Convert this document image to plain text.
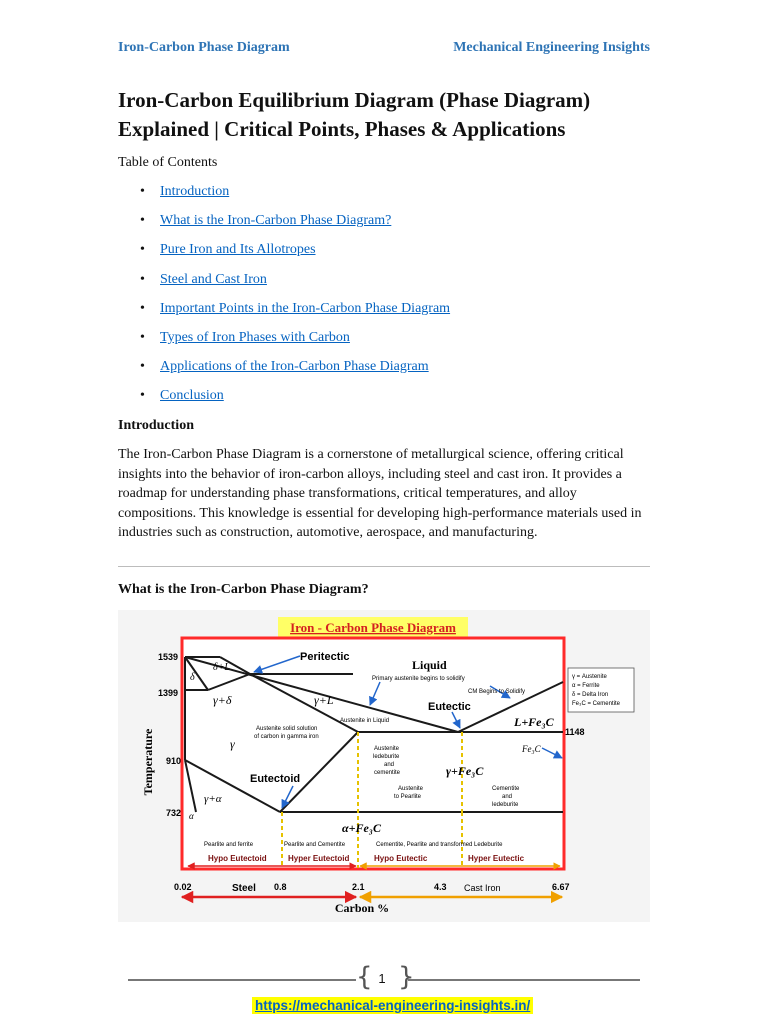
Iron-Carbon Phase Diagram	Mechanical Engineering Insights
Iron-Carbon Equilibrium Diagram (Phase Diagram) Explained | Critical Points, Phases & Applications
Table of Contents
• Introduction
• What is the Iron-Carbon Phase Diagram?
• Pure Iron and Its Allotropes
• Steel and Cast Iron
• Important Points in the Iron-Carbon Phase Diagram
• Types of Iron Phases with Carbon
• Applications of the Iron-Carbon Phase Diagram
• Conclusion
Introduction

The Iron-Carbon Phase Diagram is a cornerstone of metallurgical science, offering critical insights into the behavior of iron-carbon alloys, including steel and cast iron. It provides a roadmap for understanding phase transformations, critical temperatures, and alloy compositions. This knowledge is essential for developing high-performance materials used in industries such as construction, automotive, aerospace, and manufacturing.

What is the Iron-Carbon Phase Diagram?
Iron - Carbon Phase Diagram
1539
1399
910
732
1148
Temperature
δ+L
δ
γ+δ	γ+L
γ
γ+α
α
Liquid
L+Fe₃C
Fe₃C
γ+Fe₃C
α+Fe₃C
Peritectic
Eutectic
Eutectoid
Primary austenite begins to solidify
CM Begins to Solidify
Austenite in Liquid
Austenite solid solution
of carbon in gamma iron
Austenite
ledeburite
and
cementite
Austenite
to Pearlite
Cementite
and
ledeburite
Pearlite and ferrite	Pearlite and Cementite	Cementite, Pearlite and transformed Ledeburite
Hypo Eutectoid	Hyper Eutectoid	Hypo Eutectic	Hyper Eutectic
γ = Austenite
α = Ferrite
δ = Delta Iron
Fe₃C = Cementite
0.02	0.8	2.1	4.3	6.67
Steel	Cast Iron
Carbon %
{ }
1
https://mechanical-engineering-insights.in/
